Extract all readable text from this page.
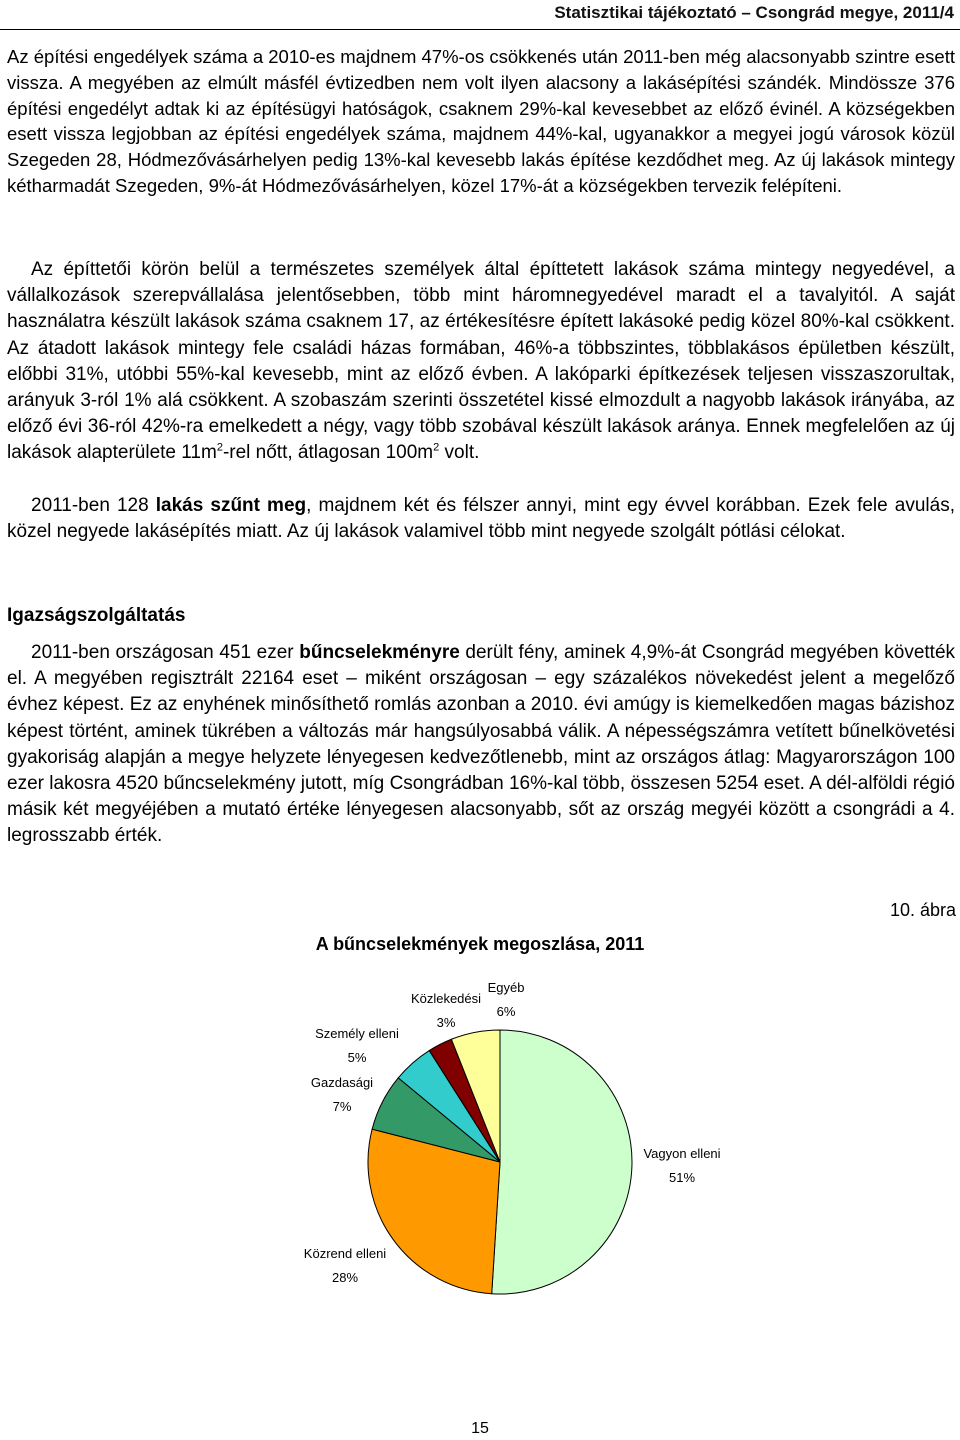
Statisztikai tájékoztató – Csongrád megye, 2011/4

Az építési engedélyek száma a 2010-es majdnem 47%-os csökkenés után 2011-ben még alacsonyabb szintre esett vissza. A megyében az elmúlt másfél évtizedben nem volt ilyen alacsony a lakásépítési szándék. Mindössze 376 építési engedélyt adtak ki az építésügyi hatóságok, csaknem 29%-kal kevesebbet az előző évinél. A községekben esett vissza legjobban az építési engedélyek száma, majdnem 44%-kal, ugyanakkor a megyei jogú városok közül Szegeden 28, Hódmezővásárhelyen pedig 13%-kal kevesebb lakás építése kezdődhet meg. Az új lakások mintegy kétharmadát Szegeden, 9%-át Hódmezővásárhelyen, közel 17%-át a községekben tervezik felépíteni.

Az építtetői körön belül a természetes személyek által építtetett lakások száma mintegy negyedével, a vállalkozások szerepvállalása jelentősebben, több mint háromnegyedével maradt el a tavalyitól. A saját használatra készült lakások száma csaknem 17, az értékesítésre épített lakásoké pedig közel 80%-kal csökkent. Az átadott lakások mintegy fele családi házas formában, 46%-a többszintes, többlakásos épületben készült, előbbi 31%, utóbbi 55%-kal kevesebb, mint az előző évben. A lakóparki építkezések teljesen visszaszorultak, arányuk 3-ról 1% alá csökkent. A szobaszám szerinti összetétel kissé elmozdult a nagyobb lakások irányába, az előző évi 36-ról 42%-ra emelkedett a négy, vagy több szobával készült lakások aránya. Ennek megfelelően az új lakások alapterülete $11m^2$-rel nőtt, átlagosan $100m^2$ volt.

2011-ben 128 lakás szűnt meg, majdnem két és félszer annyi, mint egy évvel korábban. Ezek fele avulás, közel negyede lakásépítés miatt. Az új lakások valamivel több mint negyede szolgált pótlási célokat.

Igazságszolgáltatás

2011-ben országosan 451 ezer bűncselekményre derült fény, aminek 4,9%-át Csongrád megyében követték el. A megyében regisztrált 22164 eset – miként országosan – egy százalékos növekedést jelent a megelőző évhez képest. Ez az enyhének minősíthető romlás azonban a 2010. évi amúgy is kiemelkedően magas bázishoz képest történt, aminek tükrében a változás már hangsúlyosabbá válik. A népességszámra vetített bűnelkövetési gyakoriság alapján a megye helyzete lényegesen kedvezőtlenebb, mint az országos átlag: Magyarországon 100 ezer lakosra 4520 bűncselekmény jutott, míg Csongrádban 16%-kal több, összesen 5254 eset. A dél-alföldi régió másik két megyéjében a mutató értéke lényegesen alacsonyabb, sőt az ország megyéi között a csongrádi a 4. legrosszabb érték.

10. ábra
A bűncselekmények megoszlása, 2011
Vagyon elleni
51%
Közrend elleni
28%
Gazdasági
7%
Személy elleni
5%
Közlekedési
3%
Egyéb
6%
15
